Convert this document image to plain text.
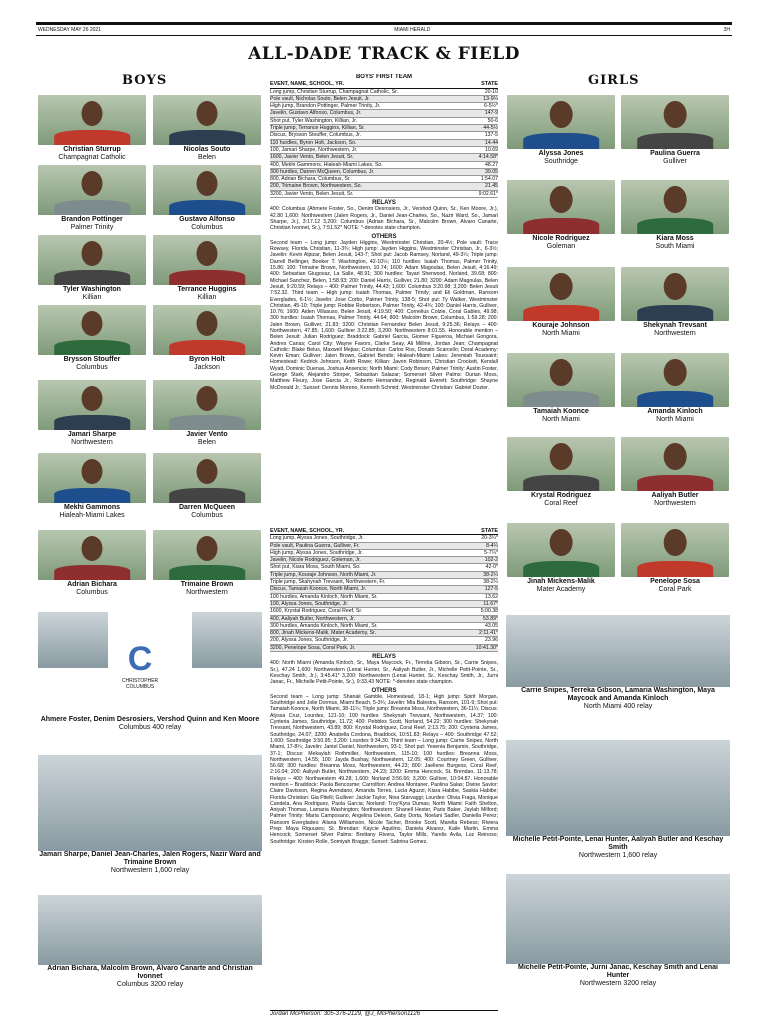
WEDNESDAY MAY 26 2021	MIAMI HERALD	3H
ALL-DADE TRACK & FIELD
BOYS	GIRLS
Christian Sturrup
Champagnat Catholic
Nicolas Souto
Belen
Brandon Pottinger
Palmer Trinity
Gustavo Alfonso
Columbus
Tyler Washington
Killian
Terrance Huggins
Killian
Brysson Stouffer
Columbus
Byron Holt
Jackson
Jamari Sharpe
Northwestern
Javier Vento
Belen
Mekhi Gammons
Hialeah-Miami Lakes
Darren McQueen
Columbus
Adrian Bichara
Columbus
Trimaine Brown
Northwestern
Alyssa Jones
Southridge
Paulina Guerra
Gulliver
Nicole Rodriguez
Goleman
Kiara Moss
South Miami
Kouraje Johnson
North Miami
Shekynah Trevsant
Northwestern
Tamaiah Koonce
North Miami
Amanda Kinloch
North Miami
Krystal Rodriguez
Coral Reef
Aaliyah Butler
Northwestern
Jinah Mickens-Malik
Mater Academy
Penelope Sosa
Coral Park
C
CHRISTOPHER
COLUMBUS
Ahmere Foster, Denim Desrosiers, Vershod Quinn and Ken Moore
Columbus 400 relay
Jamari Sharpe, Daniel Jean-Charles, Jalen Rogers, Nazir Ward and Trimaine Brown
Northwestern 1,600 relay
Adrian Bichara, Malcolm Brown, Alvaro Canarte and Christian Ivonnet
Columbus 3200 relay
Carrie Snipes, Terreka Gibson, Lamaria Washington, Maya Maycock and Amanda Kinloch
North Miami 400 relay
Michelle Petit-Pointe, Lenai Hunter, Aaliyah Butler and Keschay Smith
Northwestern 1,600 relay
Michelle Petit-Pointe, Jurni Janac, Keschay Smith and Lenai Hunter
Northwestern 3200 relay
BOYS' FIRST TEAM
EVENT, NAME, SCHOOL, YR.	STATE
Long jump, Christian Sturrup, Champagnat Catholic, Sr.	20-10
Pole vault, Nicholas Souto, Belen Jesuit, Jr.	13-9¼
High jump, Brandon Pottinger, Palmer Trinity, Jr.	6-5½*
Javelin, Gustavo Alfonso, Columbus, Jr.	147-9
Shot put, Tyler Washington, Killian, Jr.	50-6
Triple jump, Terrance Huggins, Killian, Sr.	44-5½
Discus, Brysson Stouffer, Columbus, Jr.	137-5
110 hurdles, Byron Holt, Jackson, So.	14.44
100, Jamari Sharpe, Northwestern, Jr.	10.69
1600, Javier Vento, Belen Jesuit, Sr.	4:14.58*
400, Mekhi Gammons, Hialeah-Miami Lakes, So.	48.27
300 hurdles, Darren McQueen, Columbus, Jr.	39.05
800, Adrian Bichara, Columbus, Sr.	1:54.07
200, Trimaine Brown, Northwestern, So.	21.45
3200, Javier Vento, Belen Jesuit, Sr.	9:02.61*
RELAYS
400: Columbus (Ahmere Foster, So., Denim Desrosiers, Jr., Vershod Quinn, Sr., Ken Moore, Jr.), 42.80 1,600: Northwestern (Jalen Rogers, Jr., Daniel Jean-Charles, So., Nazir Ward, So., Jamari Sharpe, Jr.), 3:17.12 3,200: Columbus (Adrian Bichara, Sr., Malcolm Brown, Alvaro Canarte, Christian Ivonnet, Sr.), 7:51.52* NOTE: *-denotes state champion.
OTHERS
Second team – Long jump: Jayden Higgins, Westminster Christian, 20-4½; Pole vault: Trace Rowsey, Florida Christian, 11-3¾; High jump: Jayden Higgins, Westminster Christian, Jr., 6-3½; Javelin: Kevin Alpizar, Belen Jesuit, 143-7; Shot put: Jacob Ramsey, Norland, 49-3¼; Triple jump: Darrell Bellinger, Booker T. Washington, 42-10¼; 110 hurdles: Isaiah Thomas, Palmer Trinity, 15.86; 100: Trimaine Brown, Northwestern, 10.74; 1600: Adam Magoulas, Belen Jesuit, 4:16.49; 400: Sebastian Giugovaz, La Salle, 48.91; 300 hurdles: Tayari Sherwood, Norland, 39.68; 800: Michael Sanchez, Belen, 1:58.93; 200: Daniel Harris, Gulliver, 21.80; 3200: Adam Magoulas, Belen Jesuit, 9:20.59; Relays – 400: Palmer Trinity, 44.43; 1,600: Columbus 3:20.98; 3,200: Belen Jesuit 7:52.32. Third team – High jump: Isaiah Thomas, Palmer Trinity; and Eli Goldman, Ransom Everglades, 6-1½; Javelin: Jose Corbo, Palmer Trinity, 138-5; Shot put: Ty Walker, Westminster Christian, 45-10; Triple jump: Robbie Robertson, Palmer Trinity, 42-4¾; 100: Daniel Harris, Gulliver, 10.76; 1600: Aiden Villasuso, Belen Jesuit, 4:19.50; 400: Cornelius Colzie, Coral Gables, 49.98; 300 hurdles: Isaiah Thomas, Palmer Trinity, 44.64; 800: Malcolm Brown, Columbus, 1:59.28; 200: Jalen Brown, Gulliver, 21.83; 3200: Christian Fernandez Belen Jesuit, 9:25.36; Relays – 400: Northwestern, 47.85; 1,600: Gulliver 3:22.85; 3,200: Northwestern 8:01.55. Honorable mention – Belen Jesuit: Julian Rodriguez; Braddock: Gabriel Garcia, Giomer Figueroa, Michael Gongora, Andres Canas; Carol City: Wayne Favors, Clarke Seay, Ali Milline, Jordan Jean; Champagnat Catholic: Blake Belus, Maxwell Mejias; Columbus: Carlos Ros, Donato Scarcello; Doral Academy: Kevin Eman; Gulliver: Jalen Brown, Gabriel Bendix; Hialeah-Miami Lakes: Jeremiah Toussaint; Homestead: Kedrick Johnson, Keith Rowe; Killian: Javon Robinson, Christian Crockett, Kendall Wyatt, Dominic Duenas, Joshua Ansencio; North Miami: Cody Brown; Palmer Trinity: Austin Foster, George Stark, Alejandro Storper, Sebastian Salazar; Somerset Silver Palms: Durian Moss, Matthew Fleury, Jose Garcia Jr., Roberto Hernandez, Reginald Everett; Southridge: Shayne McDonald Jr.; Sunset: Dennis Moreno, Kenneth Schmid; Westminster Christian: Gabriel Dozier.
EVENT, NAME, SCHOOL, YR.	STATE
Long jump, Alyssa Jones, Southridge, Jr.	20-3¼*
Pole vault, Paulina Guerra, Gulliver, Fr.	8-4¼
High jump, Alyssa Jones, Southridge, Jr.	5-7¼*
Javelin, Nicole Rodriguez, Goleman, Jr.	102-2
Shot put, Kiara Moss, South Miami, So.	42-0*
Triple jump, Kouraje Johnson, North Miami, Jr.	38-2¼
Triple jump, Skahynah Trevsant, Northwestern, Fr.	38-2¼
Discus, Tamaiah Koonce, North Miami, Jr.	127-5
100 hurdles, Amanda Kinloch, North Miami, Sr.	13.62
100, Alyssa Jones, Southridge, Jr.	11.67*
1600, Krystal Rodriguez, Coral Reef, Sr.	5:00.38
400, Aaliyah Butler, Northwestern, Jr.	53.89*
300 hurdles, Amanda Kinloch, North Miami, Sr.	43.05
800, Jinah Mickens-Malik, Mater Academy, Sr.	2:11.41*
200, Alyssa Jones, Southridge, Jr.	23.96
3200, Penelope Sosa, Coral Park, Jr.	10:41.30*
RELAYS
400: North Miami (Amanda Kinloch, Sr., Maya Maycock, Fr., Terreka Gibson, Sr., Carrie Snipes, Sr.), 47.24 1,600: Northwestern (Lenai Hunter, Sr., Aaliyah Butler, Jr., Michelle Petit-Pointe, Sr., Keschay Smith, Jr.), 3:45.41* 3,200: Northwestern (Lenai Hunter, Sr., Keschay Smith, Jr., Jurni Janac, Fr., Michelle Petit-Pointe, Sr.), 9:33.43 NOTE: *-denotes state champion.
OTHERS
Second team – Long jump: Shanaii Gamble, Homestead, 18-1; High jump: Spirit Morgan, Southridge and Jolie Dormus, Miami Beach, 5-3¾; Javelin: Mia Balestra, Ransom, 101-9; Shot put: Tamaiah Koonce, North Miami, 38-11¼; Triple jump: Breanna Moss, Northwestern, 36-11¼; Discus: Alyssa Cruz, Lourdes, 121-10; 100 hurdles: Shekynah Trevsant, Northwestern, 14.37; 100: Cynteria James, Southridge, 11.72; 400: Pebbles Scott, Norland, 54.22; 300 hurdles: Shekynah Trevsant, Northwestern, 43.89; 800: Krystal Rodriguez, Coral Reef, 2:13.75; 200: Cynteria James, Southridge, 24.07; 3200: Anabella Cordona, Braddock, 10:51.83; Relays – 400: Southridge 47.52; 1,600: Southridge 3:50.95; 3,200: Lourdes 9:34.30. Third team – Long jump: Carrie Snipes, North Miami, 17-8¼; Javelin: Janiel Daniel, Northwestern, 93-1; Shot put: Yesenia Benjamin, Southridge, 37-1; Discus: Mekaylah Rothmiller, Northwestern, 115-10; 100 hurdles: Breanna Moss, Northwestern, 14.55; 100: Jayda Bushay, Northwestern, 12.05; 400: Courtney Green, Gulliver, 56.68; 300 hurdles: Breanna Moss, Northwestern, 44.23; 800: Jaellene Burgess, Coral Reef, 2:16.04; 200: Aaliyah Butler, Northwestern, 24.23; 3200: Emma Hencock, St. Brendan, 11:13.78; Relays – 400: Northwestern 49.28; 1,600: Norland 3:56.66; 3,200: Gulliver, 10:04.87. Honorable mention – Braddock: Paola Bencosme; Carrollton: Andrea Montaner, Paolina Salas; Divine Savior: Claire Davisson, Regina Avendano, Amanda Torres, Lucia Aguzzi, Kiara Habibe, Saskia Habibe; Florida Christian: Gia Pitelli; Gulliver: Jackie Taylor, Nina Starvaggi; Lourdes: Olivia Fraga, Monique Candela, Ana Rodriguez, Paola Garcia; Norland: Troy'Kyra Dumas; North Miami: Faith Shelton, Aniyah Thomas, Lamaria Washington; Northwestern: Shanell Hester, Paris Baker, Jaylah Milford; Palmer Trinity: Maria Camposano, Angelina Deleon, Gaby Dorta, Noelani Sadler, Daniella Perez; Ransom Everglades: Aliana Williamson, Nicole Tacher, Brooke Scott, Marella Rebess; Riviera Prep: Maya Riquuzes; St. Brendan: Kaycie Aquilino, Daniela Alvarez, Kaile Martin, Emma Hencock; Somerset Silver Palms: Brettany Rivera, Taylor Mills, Yarelis Avila, Luz Reinoso; Southridge: Kirsten Rolle, Somiyah Braggs; Sunset: Sabrina Gomez.
Jordan McPherson: 305-376-2129, @J_McPherson1126
